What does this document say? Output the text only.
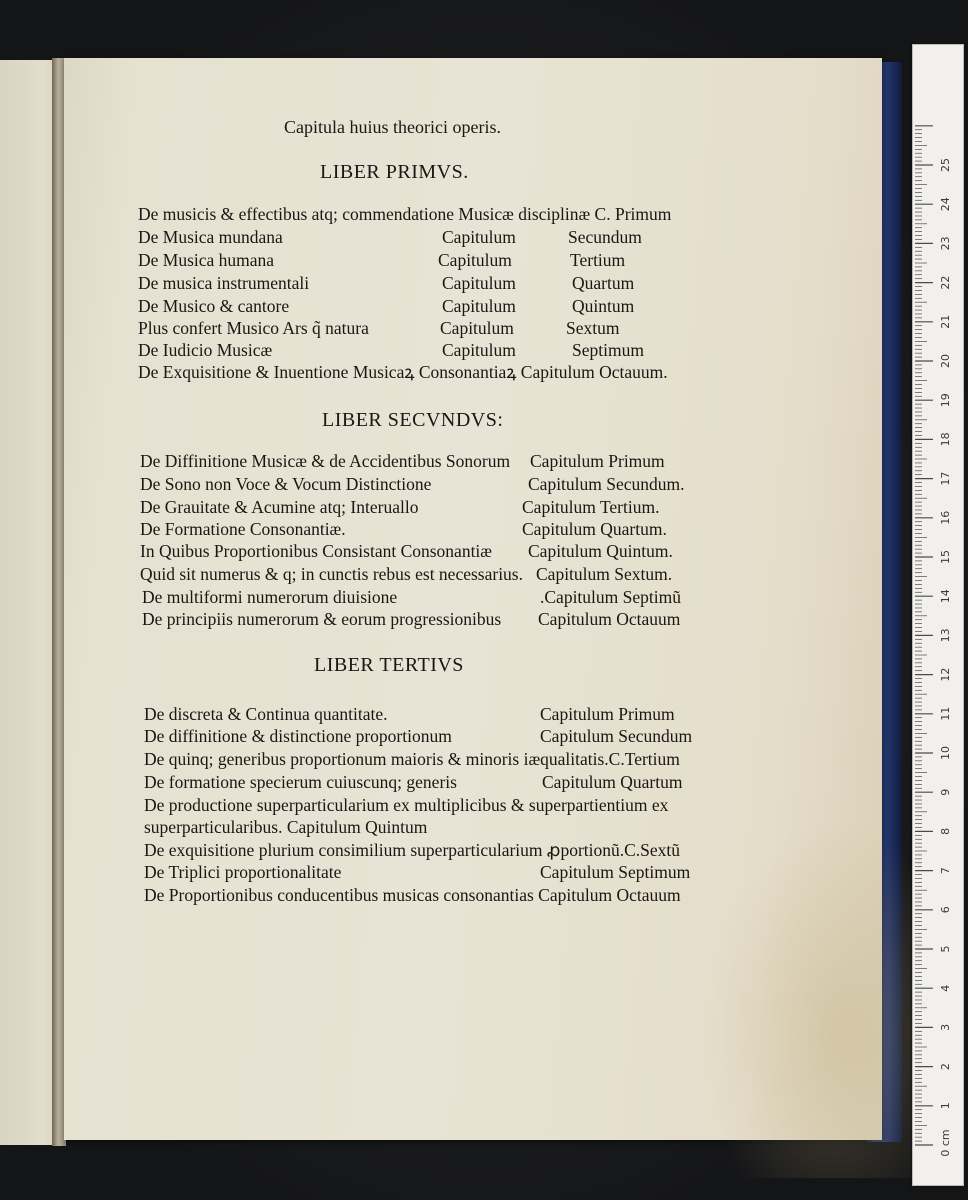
Capitula huius theorici operis.
LIBER PRIMVS.
De musicis & effectibus atq; commendatione Musicæ disciplinæ C. Primum
De Musica mundana	Capitulum	Secundum
De Musica humana	Capitulum	Tertium
De musica instrumentali	Capitulum	Quartum
De Musico & cantore	Capitulum	Quintum
Plus confert Musico Ars q̃ natura	Capitulum	Sextum
De Iudicio Musicæ	Capitulum	Septimum
De Exquisitione & Inuentione Musicaꝝ Consonantiaꝝ Capitulum Octauum.
LIBER SECVNDVS:
De Diffinitione Musicæ & de Accidentibus Sonorum Capitulum Primum
De Sono non Voce & Vocum Distinctione	Capitulum Secundum.
De Grauitate & Acumine atq; Interuallo	Capitulum Tertium.
De Formatione Consonantiæ.	Capitulum Quartum.
In Quibus Proportionibus Consistant Consonantiæ Capitulum Quintum.
Quid sit numerus & q; in cunctis rebus est necessarius. Capitulum Sextum.
De multiformi numerorum diuisione	.Capitulum Septimũ
De principiis numerorum & eorum progressionibus Capitulum Octauum
LIBER TERTIVS
De discreta & Continua quantitate.	Capitulum Primum
De diffinitione & distinctione proportionum	Capitulum Secundum
De quinq; generibus proportionum maioris & minoris iæqualitatis.C.Tertium
De formatione specierum cuiuscunq; generis	Capitulum Quartum
De productione superparticularium ex multiplicibus & superpartientium ex
superparticularibus. Capitulum Quintum
De exquisitione plurium consimilium superparticularium ꝓportionũ.C.Sextũ
De Triplici proportionalitate	Capitulum Septimum
De Proportionibus conducentibus musicas consonantias Capitulum Octauum
0 cm
1
2
3
4
5
6
7
8
9
10
11
12
13
14
15
16
17
18
19
20
21
22
23
24
25
